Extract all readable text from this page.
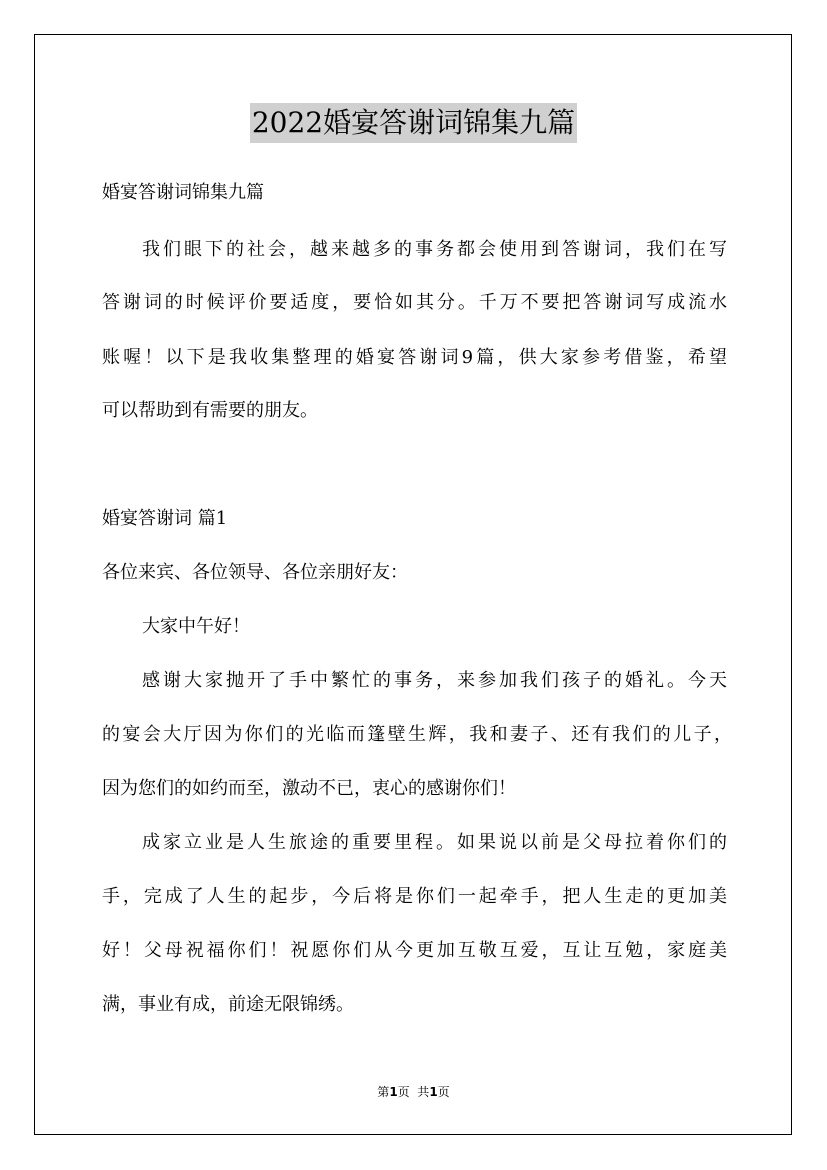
2022婚宴答谢词锦集九篇
婚宴答谢词锦集九篇
我们眼下的社会，越来越多的事务都会使用到答谢词，我们在写
答谢词的时候评价要适度，要恰如其分。千万不要把答谢词写成流水
账喔！以下是我收集整理的婚宴答谢词9篇，供大家参考借鉴，希望
可以帮助到有需要的朋友。
婚宴答谢词 篇1
各位来宾、各位领导、各位亲朋好友：
大家中午好！
感谢大家抛开了手中繁忙的事务，来参加我们孩子的婚礼。今天
的宴会大厅因为你们的光临而篷壁生辉，我和妻子、还有我们的儿子，
因为您们的如约而至，激动不已，衷心的感谢你们！
成家立业是人生旅途的重要里程。如果说以前是父母拉着你们的
手，完成了人生的起步，今后将是你们一起牵手，把人生走的更加美
好！父母祝福你们！祝愿你们从今更加互敬互爱，互让互勉，家庭美
满，事业有成，前途无限锦绣。
第1页  共1页
